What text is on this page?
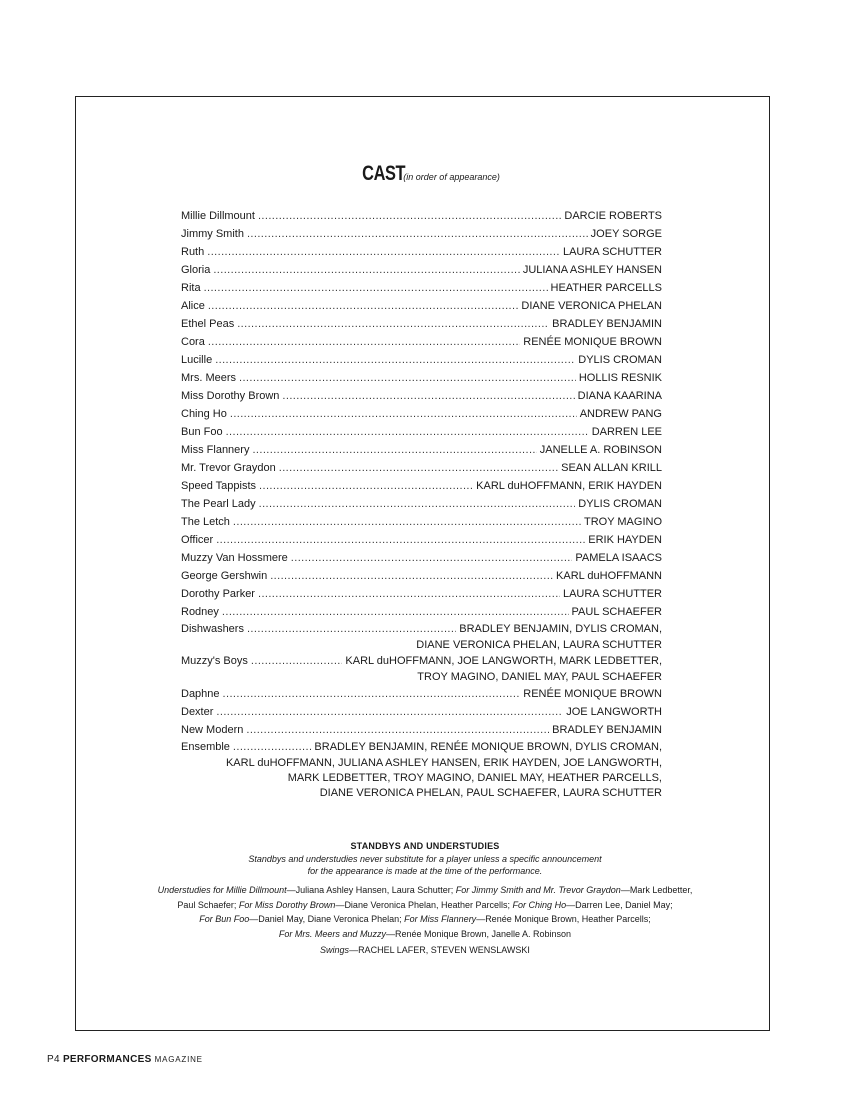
CAST(in order of appearance)
Millie Dillmount .....	DARCIE ROBERTS
Jimmy Smith .....	JOEY SORGE
Ruth .....	LAURA SCHUTTER
Gloria .....	JULIANA ASHLEY HANSEN
Rita .....	HEATHER PARCELLS
Alice .....	DIANE VERONICA PHELAN
Ethel Peas .....	BRADLEY BENJAMIN
Cora .....	RENÉE MONIQUE BROWN
Lucille .....	DYLIS CROMAN
Mrs. Meers .....	HOLLIS RESNIK
Miss Dorothy Brown .....	DIANA KAARINA
Ching Ho .....	ANDREW PANG
Bun Foo .....	DARREN LEE
Miss Flannery .....	JANELLE A. ROBINSON
Mr. Trevor Graydon .....	SEAN ALLAN KRILL
Speed Tappists .....	KARL duHOFFMANN, ERIK HAYDEN
The Pearl Lady .....	DYLIS CROMAN
The Letch .....	TROY MAGINO
Officer .....	ERIK HAYDEN
Muzzy Van Hossmere .....	PAMELA ISAACS
George Gershwin .....	KARL duHOFFMANN
Dorothy Parker .....	LAURA SCHUTTER
Rodney .....	PAUL SCHAEFER
Dishwashers .....	BRADLEY BENJAMIN, DYLIS CROMAN,
DIANE VERONICA PHELAN, LAURA SCHUTTER
Muzzy's Boys .....	KARL duHOFFMANN, JOE LANGWORTH, MARK LEDBETTER,
TROY MAGINO, DANIEL MAY, PAUL SCHAEFER
Daphne .....	RENÉE MONIQUE BROWN
Dexter .....	JOE LANGWORTH
New Modern .....	BRADLEY BENJAMIN
Ensemble .....	BRADLEY BENJAMIN, RENÉE MONIQUE BROWN, DYLIS CROMAN,
KARL duHOFFMANN, JULIANA ASHLEY HANSEN, ERIK HAYDEN, JOE LANGWORTH,
MARK LEDBETTER, TROY MAGINO, DANIEL MAY, HEATHER PARCELLS,
DIANE VERONICA PHELAN, PAUL SCHAEFER, LAURA SCHUTTER
STANDBYS AND UNDERSTUDIES
Standbys and understudies never substitute for a player unless a specific announcement
for the appearance is made at the time of the performance.
Understudies for Millie Dillmount—Juliana Ashley Hansen, Laura Schutter; For Jimmy Smith and Mr. Trevor Graydon—Mark Ledbetter,
Paul Schaefer; For Miss Dorothy Brown—Diane Veronica Phelan, Heather Parcells; For Ching Ho—Darren Lee, Daniel May;
For Bun Foo—Daniel May, Diane Veronica Phelan; For Miss Flannery—Renée Monique Brown, Heather Parcells;
For Mrs. Meers and Muzzy—Renée Monique Brown, Janelle A. Robinson
Swings—RACHEL LAFER, STEVEN WENSLAWSKI
P4 PERFORMANCES MAGAZINE
